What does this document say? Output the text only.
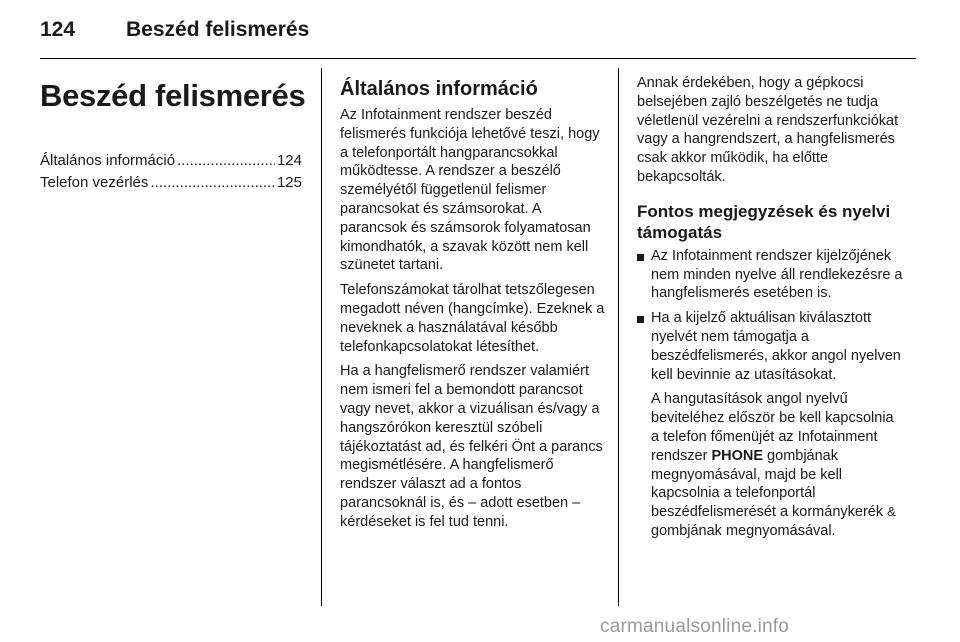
124 Beszéd felismerés
Beszéd felismerés
Általános információ .....	124
Telefon vezérlés .....	125
Általános információ

Az Infotainment rendszer beszéd felismerés funkciója lehetővé teszi, hogy a telefonportált hangparancsokkal működtesse. A rendszer a beszélő személyétől függetlenül felismer parancsokat és számsorokat. A parancsok és számsorok folyamatosan kimondhatók, a szavak között nem kell szünetet tartani.

Telefonszámokat tárolhat tetszőlegesen megadott néven (hangcímke). Ezeknek a neveknek a használatával később telefonkapcsolatokat létesíthet.

Ha a hangfelismerő rendszer valamiért nem ismeri fel a bemondott parancsot vagy nevet, akkor a vizuálisan és/vagy a hangszórókon keresztül szóbeli tájékoztatást ad, és felkéri Önt a parancs megismétlésére. A hangfelismerő rendszer választ ad a fontos parancsoknál is, és – adott esetben – kérdéseket is fel tud tenni.

Annak érdekében, hogy a gépkocsi belsejében zajló beszélgetés ne tudja véletlenül vezérelni a rendszerfunkciókat vagy a hangrendszert, a hangfelismerés csak akkor működik, ha előtte bekapcsolták.

Fontos megjegyzések és nyelvi támogatás

Az Infotainment rendszer kijelzőjének nem minden nyelve áll rendlekezésre a hangfelismerés esetében is.

Ha a kijelző aktuálisan kiválasztott nyelvét nem támogatja a beszédfelismerés, akkor angol nyelven kell bevinnie az utasításokat.

A hangutasítások angol nyelvű beviteléhez először be kell kapcsolnia a telefon főmenüjét az Infotainment rendszer PHONE gombjának megnyomásával, majd be kell kapcsolnia a telefonportál beszédfelismerését a kormánykerék & gombjának megnyomásával.

carmanualsonline.info
